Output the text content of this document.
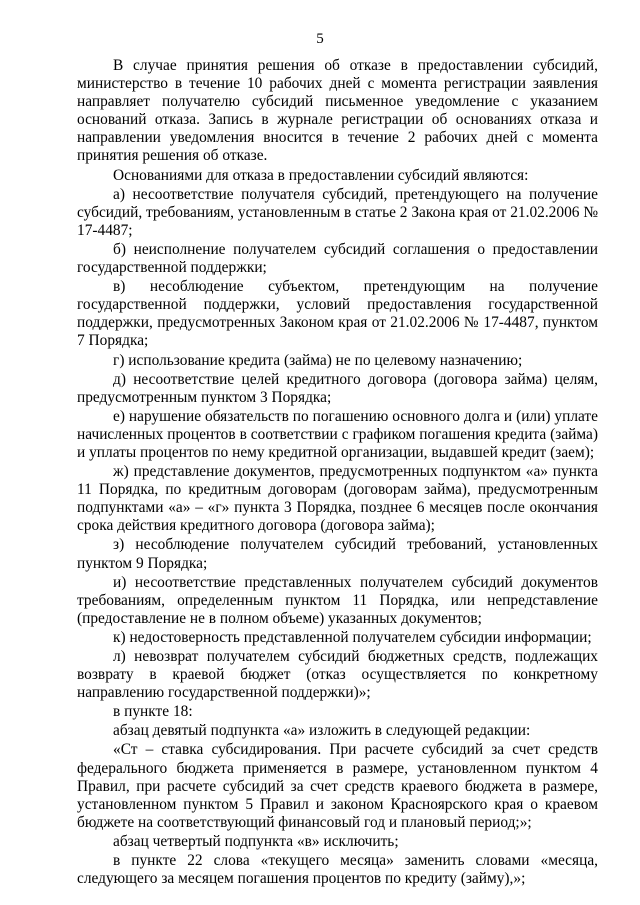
5

В случае принятия решения об отказе в предоставлении субсидий, министерство в течение 10 рабочих дней с момента регистрации заявления направляет получателю субсидий письменное уведомление с указанием оснований отказа. Запись в журнале регистрации об основаниях отказа и направлении уведомления вносится в течение 2 рабочих дней с момента принятия решения об отказе.

Основаниями для отказа в предоставлении субсидий являются:

а) несоответствие получателя субсидий, претендующего на получение субсидий, требованиям, установленным в статье 2 Закона края от 21.02.2006 № 17-4487;

б) неисполнение получателем субсидий соглашения о предоставлении государственной поддержки;

в) несоблюдение субъектом, претендующим на получение государственной поддержки, условий предоставления государственной поддержки, предусмотренных Законом края от 21.02.2006 № 17-4487, пунктом 7 Порядка;

г) использование кредита (займа) не по целевому назначению;

д) несоответствие целей кредитного договора (договора займа) целям, предусмотренным пунктом 3 Порядка;

е) нарушение обязательств по погашению основного долга и (или) уплате начисленных процентов в соответствии с графиком погашения кредита (займа) и уплаты процентов по нему кредитной организации, выдавшей кредит (заем);

ж) представление документов, предусмотренных подпунктом «а» пункта 11 Порядка, по кредитным договорам (договорам займа), предусмотренным подпунктами «а» – «г» пункта 3 Порядка, позднее 6 месяцев после окончания срока действия кредитного договора (договора займа);

з) несоблюдение получателем субсидий требований, установленных пунктом 9 Порядка;

и) несоответствие представленных получателем субсидий документов требованиям, определенным пунктом 11 Порядка, или непредставление (предоставление не в полном объеме) указанных документов;

к) недостоверность представленной получателем субсидии информации;

л) невозврат получателем субсидий бюджетных средств, подлежащих возврату в краевой бюджет (отказ осуществляется по конкретному направлению государственной поддержки)»;

в пункте 18:

абзац девятый подпункта «а» изложить в следующей редакции:

«Ст – ставка субсидирования. При расчете субсидий за счет средств федерального бюджета применяется в размере, установленном пунктом 4 Правил, при расчете субсидий за счет средств краевого бюджета в размере, установленном пунктом 5 Правил и законом Красноярского края о краевом бюджете на соответствующий финансовый год и плановый период;»;

абзац четвертый подпункта «в» исключить;

в пункте 22 слова «текущего месяца» заменить словами «месяца, следующего за месяцем погашения процентов по кредиту (займу),»;
